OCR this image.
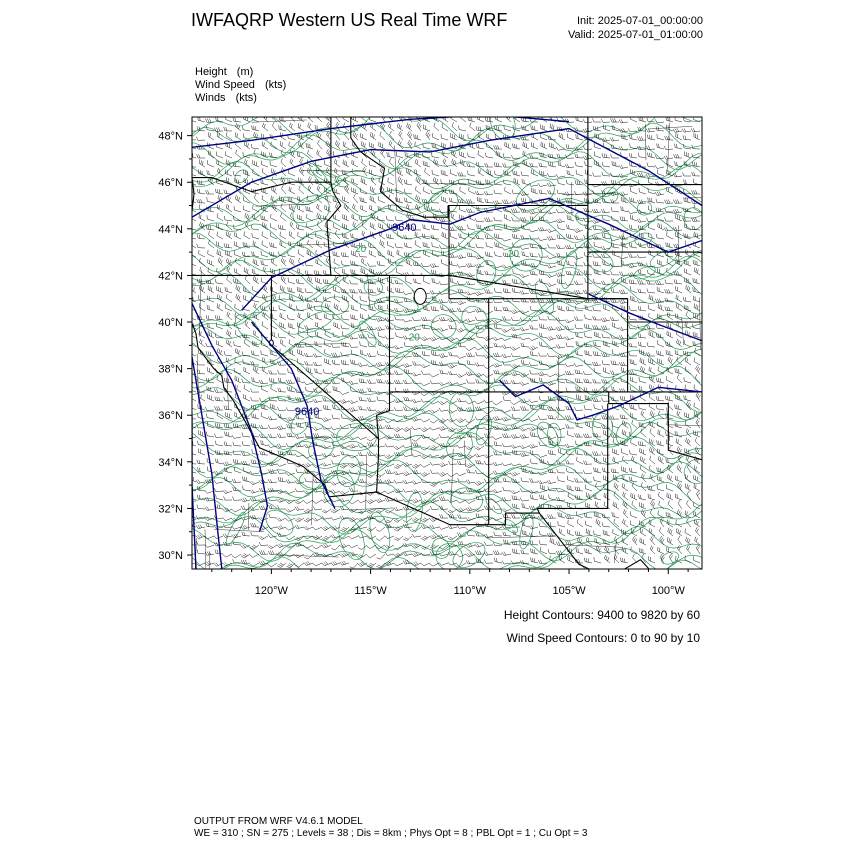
IWFAQRP Western US Real Time WRF	Init: 2025-07-01_00:00:00
Valid: 2025-07-01_01:00:00
Height (m)
Wind Speed (kts)
Winds (kts)
9640
9640
20	20
20
48°N
46°N
44°N
42°N
40°N
38°N
36°N
34°N
32°N
30°N
120°W	115°W	110°W	105°W	100°W
Height Contours: 9400 to 9820 by 60
Wind Speed Contours: 0 to 90 by 10
OUTPUT FROM WRF V4.6.1 MODEL
WE = 310 ; SN = 275 ; Levels = 38 ; Dis = 8km ; Phys Opt = 8 ; PBL Opt = 1 ; Cu Opt = 3
